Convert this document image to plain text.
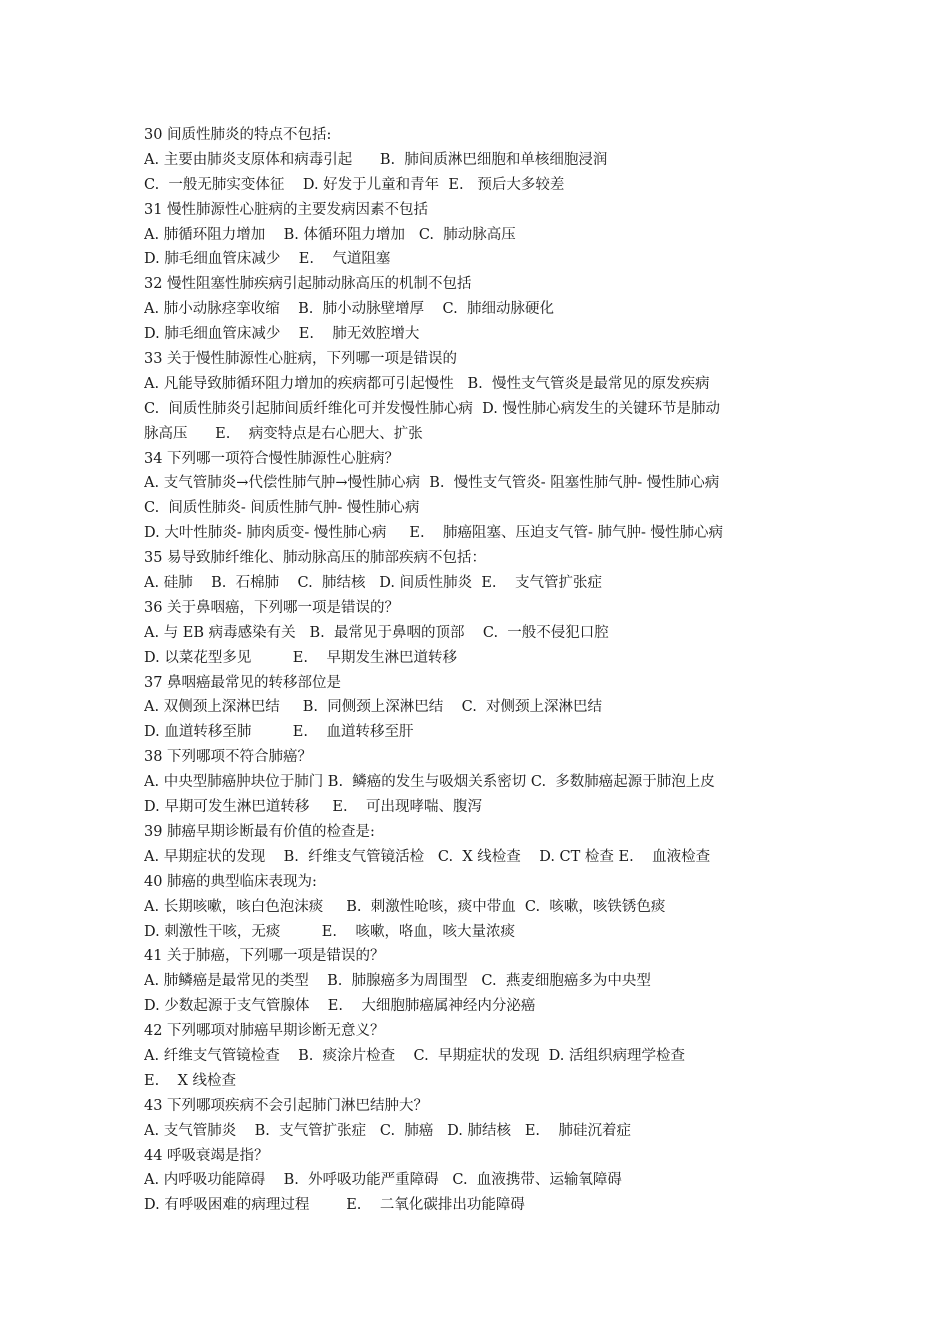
30 间质性肺炎的特点不包括:
A. 主要由肺炎支原体和病毒引起      B.  肺间质淋巴细胞和单核细胞浸润
C.  一般无肺实变体征    D. 好发于儿童和青年  E.   预后大多较差
31 慢性肺源性心脏病的主要发病因素不包括
A. 肺循环阻力增加    B. 体循环阻力增加   C.  肺动脉高压
D. 肺毛细血管床减少    E.    气道阻塞
32 慢性阻塞性肺疾病引起肺动脉高压的机制不包括
A. 肺小动脉痉挛收缩    B.  肺小动脉壁增厚    C.  肺细动脉硬化
D. 肺毛细血管床减少    E.    肺无效腔增大
33 关于慢性肺源性心脏病，下列哪一项是错误的
A. 凡能导致肺循环阻力增加的疾病都可引起慢性   B.  慢性支气管炎是最常见的原发疾病
C.  间质性肺炎引起肺间质纤维化可并发慢性肺心病  D. 慢性肺心病发生的关键环节是肺动
脉高压      E.    病变特点是右心肥大、扩张
34 下列哪一项符合慢性肺源性心脏病？
A. 支气管肺炎→代偿性肺气肿→慢性肺心病  B.  慢性支气管炎- 阻塞性肺气肿- 慢性肺心病
C.  间质性肺炎- 间质性肺气肿- 慢性肺心病
D. 大叶性肺炎- 肺肉质变- 慢性肺心病     E.    肺癌阻塞、压迫支气管- 肺气肿- 慢性肺心病
35 易导致肺纤维化、肺动脉高压的肺部疾病不包括：
A. 硅肺    B.  石棉肺    C.  肺结核   D. 间质性肺炎  E.    支气管扩张症
36 关于鼻咽癌，下列哪一项是错误的？
A. 与 EB 病毒感染有关   B.  最常见于鼻咽的顶部    C.  一般不侵犯口腔
D. 以菜花型多见         E.    早期发生淋巴道转移
37 鼻咽癌最常见的转移部位是
A. 双侧颈上深淋巴结     B.  同侧颈上深淋巴结    C.  对侧颈上深淋巴结
D. 血道转移至肺         E.    血道转移至肝
38 下列哪项不符合肺癌？
A. 中央型肺癌肿块位于肺门 B.  鳞癌的发生与吸烟关系密切 C.  多数肺癌起源于肺泡上皮
D. 早期可发生淋巴道转移     E.    可出现哮喘、腹泻
39 肺癌早期诊断最有价值的检查是:
A. 早期症状的发现    B.  纤维支气管镜活检   C.  X 线检查    D. CT 检查 E.    血液检查
40 肺癌的典型临床表现为:
A. 长期咳嗽，咳白色泡沫痰     B.  刺激性呛咳，痰中带血  C.  咳嗽，咳铁锈色痰
D. 刺激性干咳，无痰         E.    咳嗽，咯血，咳大量浓痰
41 关于肺癌，下列哪一项是错误的？
A. 肺鳞癌是最常见的类型    B.  肺腺癌多为周围型   C.  燕麦细胞癌多为中央型
D. 少数起源于支气管腺体    E.    大细胞肺癌属神经内分泌癌
42 下列哪项对肺癌早期诊断无意义？
A. 纤维支气管镜检查    B.  痰涂片检查    C.  早期症状的发现  D. 活组织病理学检查
E.    X 线检查
43 下列哪项疾病不会引起肺门淋巴结肿大？
A. 支气管肺炎    B.  支气管扩张症   C.  肺癌   D. 肺结核   E.    肺硅沉着症
44 呼吸衰竭是指？
A. 内呼吸功能障碍    B.  外呼吸功能严重障碍   C.  血液携带、运输氧障碍
D. 有呼吸困难的病理过程        E.    二氧化碳排出功能障碍
